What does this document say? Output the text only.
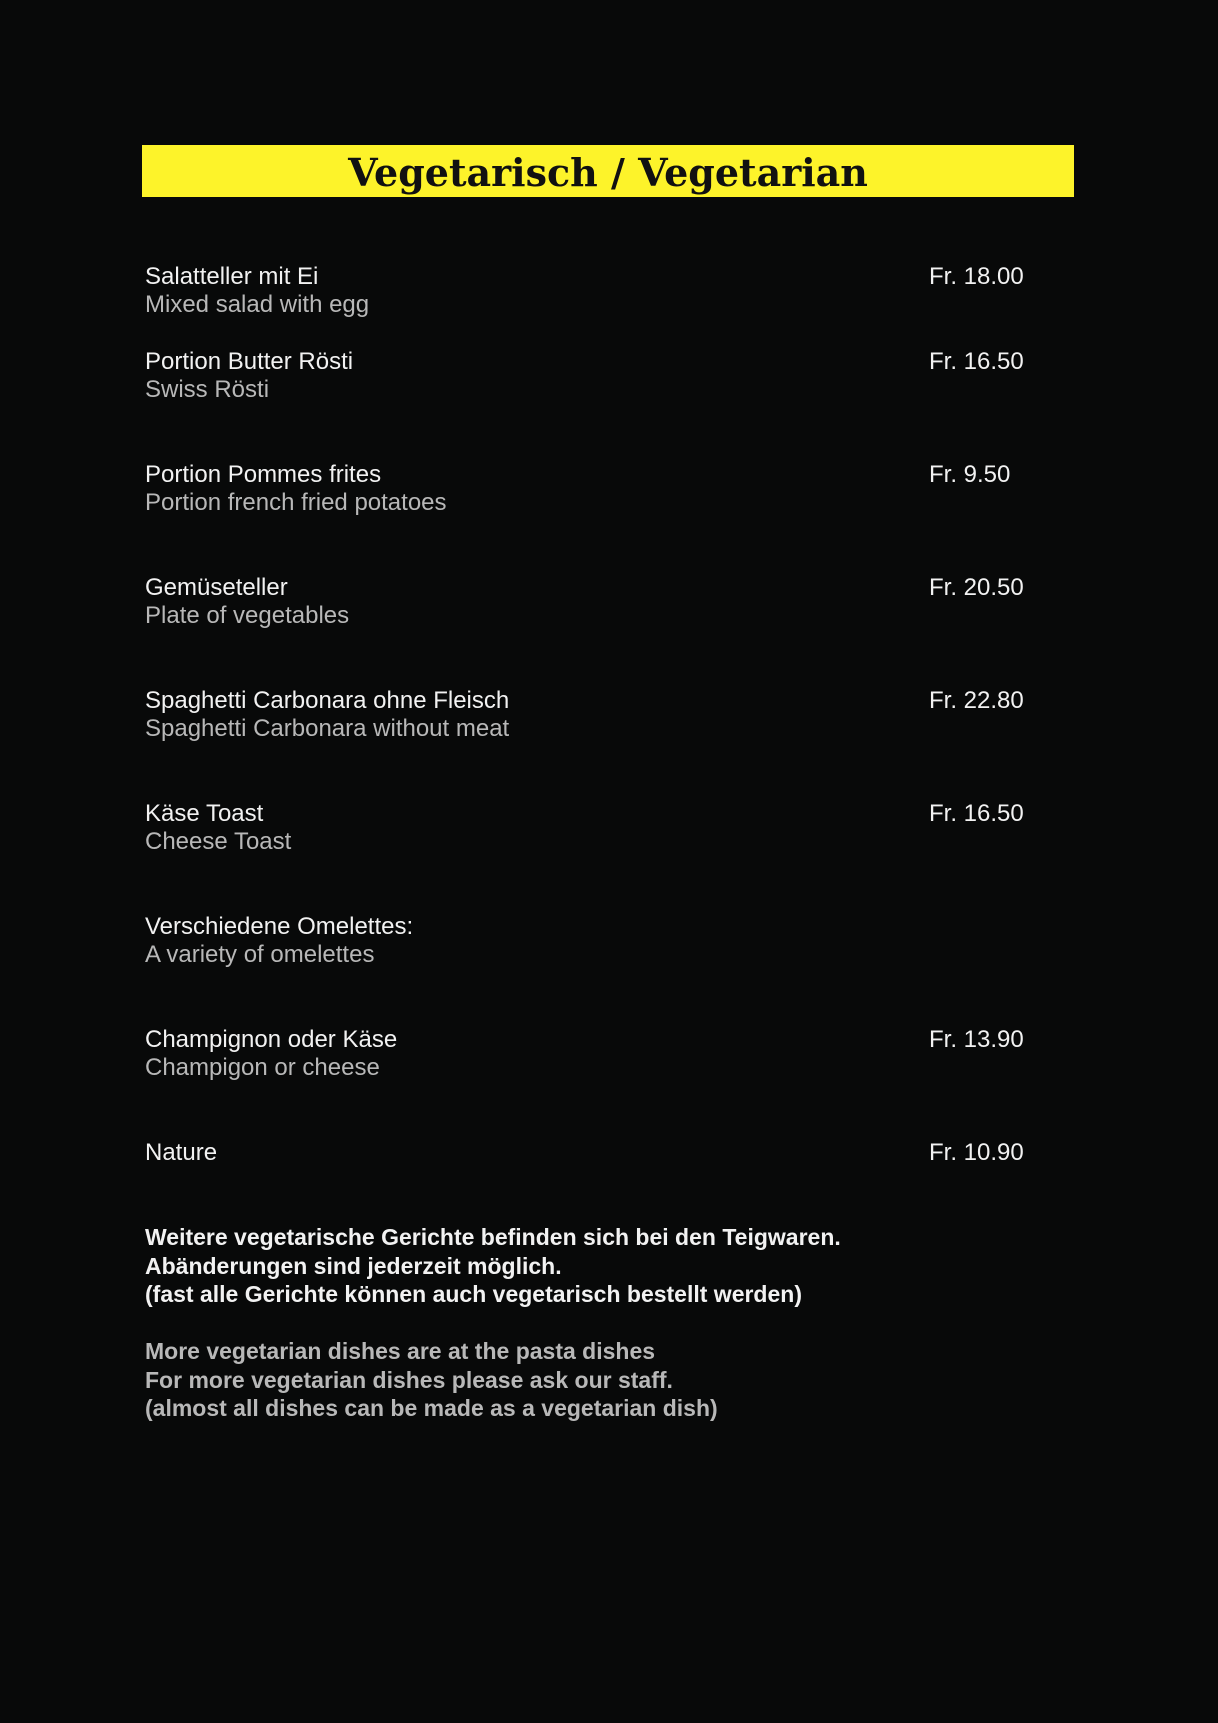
Vegetarisch / Vegetarian
Salatteller mit Ei
Mixed salad with egg
Fr. 18.00
Portion Butter Rösti
Swiss Rösti
Fr. 16.50
Portion Pommes frites
Portion french fried potatoes
Fr. 9.50
Gemüseteller
Plate of vegetables
Fr. 20.50
Spaghetti Carbonara ohne Fleisch
Spaghetti Carbonara without meat
Fr. 22.80
Käse Toast
Cheese Toast
Fr. 16.50
Verschiedene Omelettes:
A variety of omelettes
Champignon oder Käse
Champigon or cheese
Fr. 13.90
Nature	Fr. 10.90
Weitere vegetarische Gerichte befinden sich bei den Teigwaren.
Abänderungen sind jederzeit möglich.
(fast alle Gerichte können auch vegetarisch bestellt werden)
More vegetarian dishes are at the pasta dishes
For more vegetarian dishes please ask our staff.
(almost all dishes can be made as a vegetarian dish)
